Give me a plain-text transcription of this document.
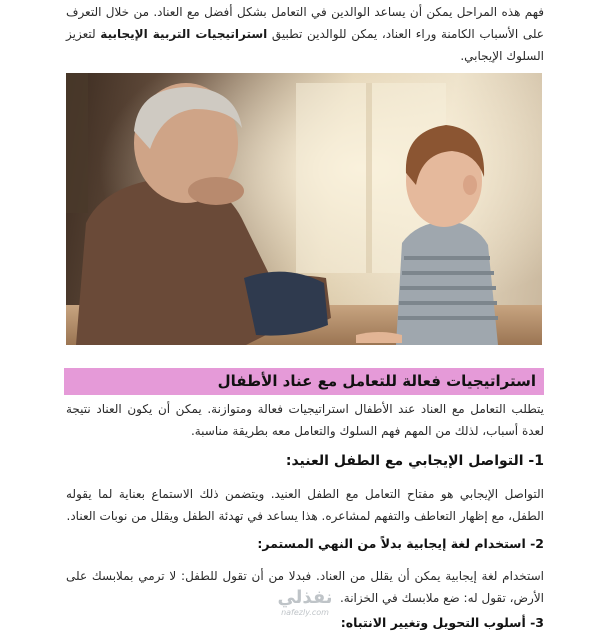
فهم هذه المراحل يمكن أن يساعد الوالدين في التعامل بشكل أفضل مع العناد. من خلال التعرف على الأسباب الكامنة وراء العناد، يمكن للوالدين تطبيق استراتيجيات التربية الإيجابية لتعزيز السلوك الإيجابي.

استراتيجيات فعالة للتعامل مع عناد الأطفال

يتطلب التعامل مع العناد عند الأطفال استراتيجيات فعالة ومتوازنة. يمكن أن يكون العناد نتيجة لعدة أسباب، لذلك من المهم فهم السلوك والتعامل معه بطريقة مناسبة.

1- التواصل الإيجابي مع الطفل العنيد:

التواصل الإيجابي هو مفتاح التعامل مع الطفل العنيد. ويتضمن ذلك الاستماع بعناية لما يقوله الطفل، مع إظهار التعاطف والتفهم لمشاعره. هذا يساعد في تهدئة الطفل ويقلل من نوبات العناد.

2- استخدام لغة إيجابية بدلاً من النهي المستمر:

استخدام لغة إيجابية يمكن أن يقلل من العناد. فبدلا من أن تقول للطفل: لا ترمي بملابسك على الأرض، تقول له: ضع ملابسك في الخزانة.

3- أسلوب التحويل وتغيير الانتباه:
نفذلي
nafezly.com
